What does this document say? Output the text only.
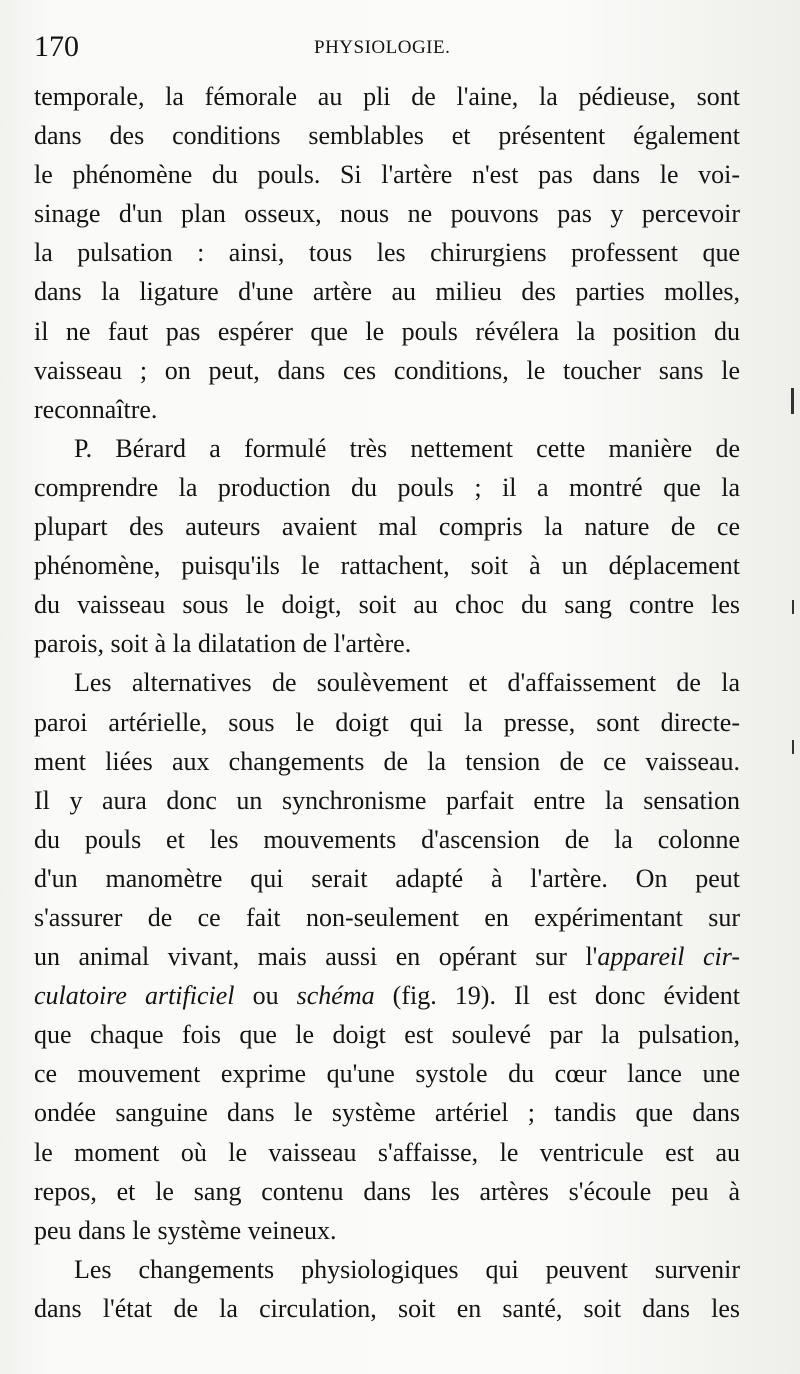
170	PHYSIOLOGIE.
temporale, la fémorale au pli de l'aine, la pédieuse, sont
dans des conditions semblables et présentent également
le phénomène du pouls. Si l'artère n'est pas dans le voi-
sinage d'un plan osseux, nous ne pouvons pas y percevoir
la pulsation : ainsi, tous les chirurgiens professent que
dans la ligature d'une artère au milieu des parties molles,
il ne faut pas espérer que le pouls révélera la position du
vaisseau ; on peut, dans ces conditions, le toucher sans le
reconnaître.
P. Bérard a formulé très nettement cette manière de
comprendre la production du pouls ; il a montré que la
plupart des auteurs avaient mal compris la nature de ce
phénomène, puisqu'ils le rattachent, soit à un déplacement
du vaisseau sous le doigt, soit au choc du sang contre les
parois, soit à la dilatation de l'artère.
Les alternatives de soulèvement et d'affaissement de la
paroi artérielle, sous le doigt qui la presse, sont directe-
ment liées aux changements de la tension de ce vaisseau.
Il y aura donc un synchronisme parfait entre la sensation
du pouls et les mouvements d'ascension de la colonne
d'un manomètre qui serait adapté à l'artère. On peut
s'assurer de ce fait non-seulement en expérimentant sur
un animal vivant, mais aussi en opérant sur l'appareil cir-
culatoire artificiel ou schéma (fig. 19). Il est donc évident
que chaque fois que le doigt est soulevé par la pulsation,
ce mouvement exprime qu'une systole du cœur lance une
ondée sanguine dans le système artériel ; tandis que dans
le moment où le vaisseau s'affaisse, le ventricule est au
repos, et le sang contenu dans les artères s'écoule peu à
peu dans le système veineux.
Les changements physiologiques qui peuvent survenir
dans l'état de la circulation, soit en santé, soit dans les
